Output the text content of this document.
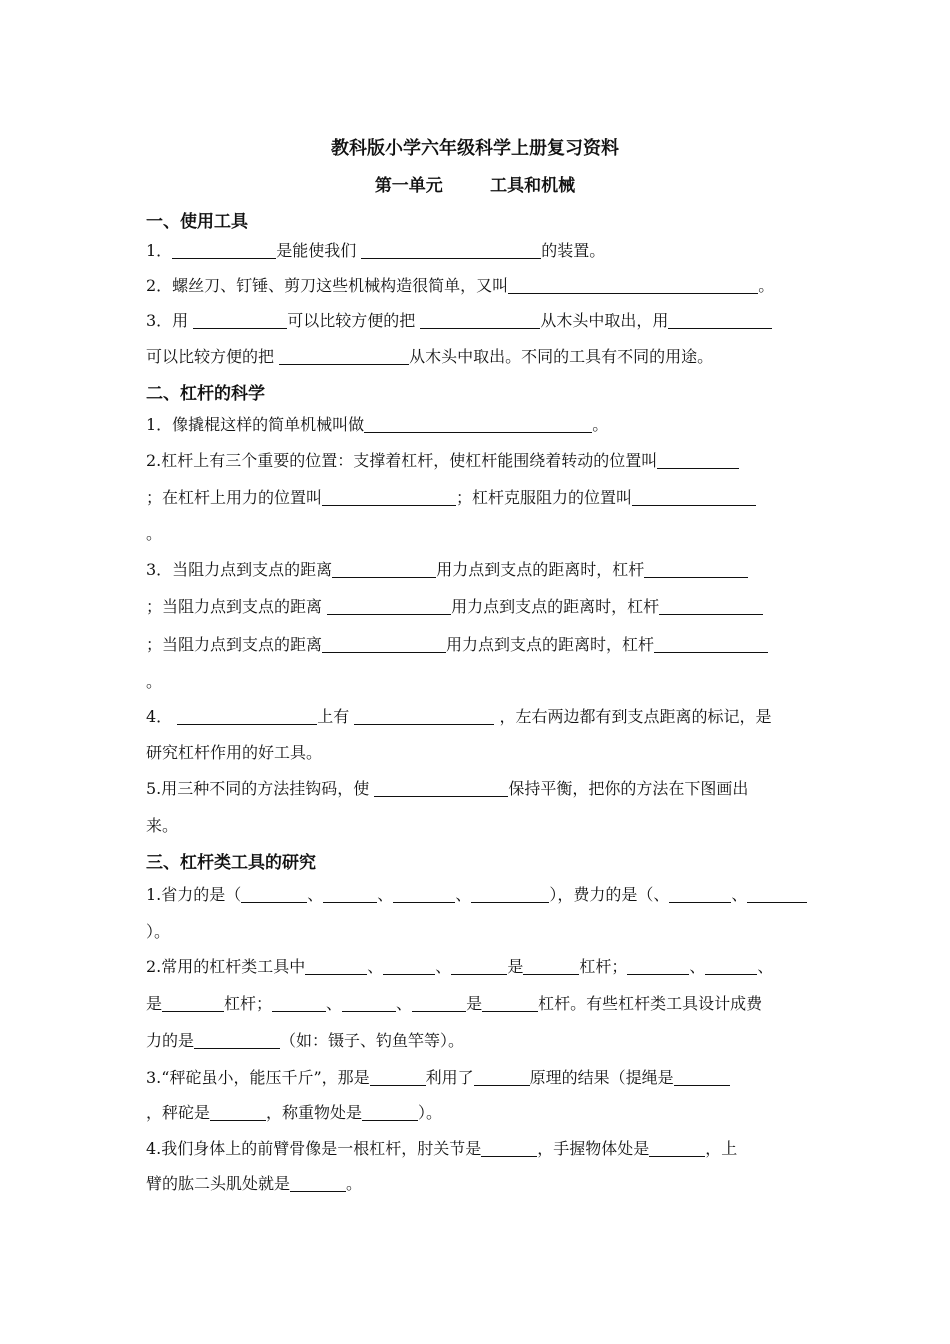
教科版小学六年级科学上册复习资料
第一单元        工具和机械
一、使用工具
1．	是能使我们	的装置。
2．螺丝刀、钉锤、剪刀这些机械构造很简单，又叫	。
3．用	可以比较方便的把	从木头中取出，用
可以比较方便的把	从木头中取出。不同的工具有不同的用途。
二、杠杆的科学
1．像撬棍这样的简单机械叫做	。
2.杠杆上有三个重要的位置：支撑着杠杆，使杠杆能围绕着转动的位置叫
；在杠杆上用力的位置叫	；杠杆克服阻力的位置叫
。
3．当阻力点到支点的距离	用力点到支点的距离时，杠杆
；当阻力点到支点的距离	用力点到支点的距离时，杠杆
；当阻力点到支点的距离	用力点到支点的距离时，杠杆
。
4．	上有	，左右两边都有到支点距离的标记，是
研究杠杆作用的好工具。
5.用三种不同的方法挂钩码，使	保持平衡，把你的方法在下图画出
来。
三、杠杆类工具的研究
1.省力的是（	、	、	、	），费力的是（、	、
）。
2.常用的杠杆类工具中	、	、	是	杠杆；	、	、
是	杠杆；	、	、	是	杠杆。有些杠杆类工具设计成费
力的是	（如：镊子、钓鱼竿等）。
3.“秤砣虽小，能压千斤”，那是	利用了	原理的结果（提绳是
，秤砣是	，称重物处是	）。
4.我们身体上的前臂骨像是一根杠杆，肘关节是	，手握物体处是	，上
臂的肱二头肌处就是	。
